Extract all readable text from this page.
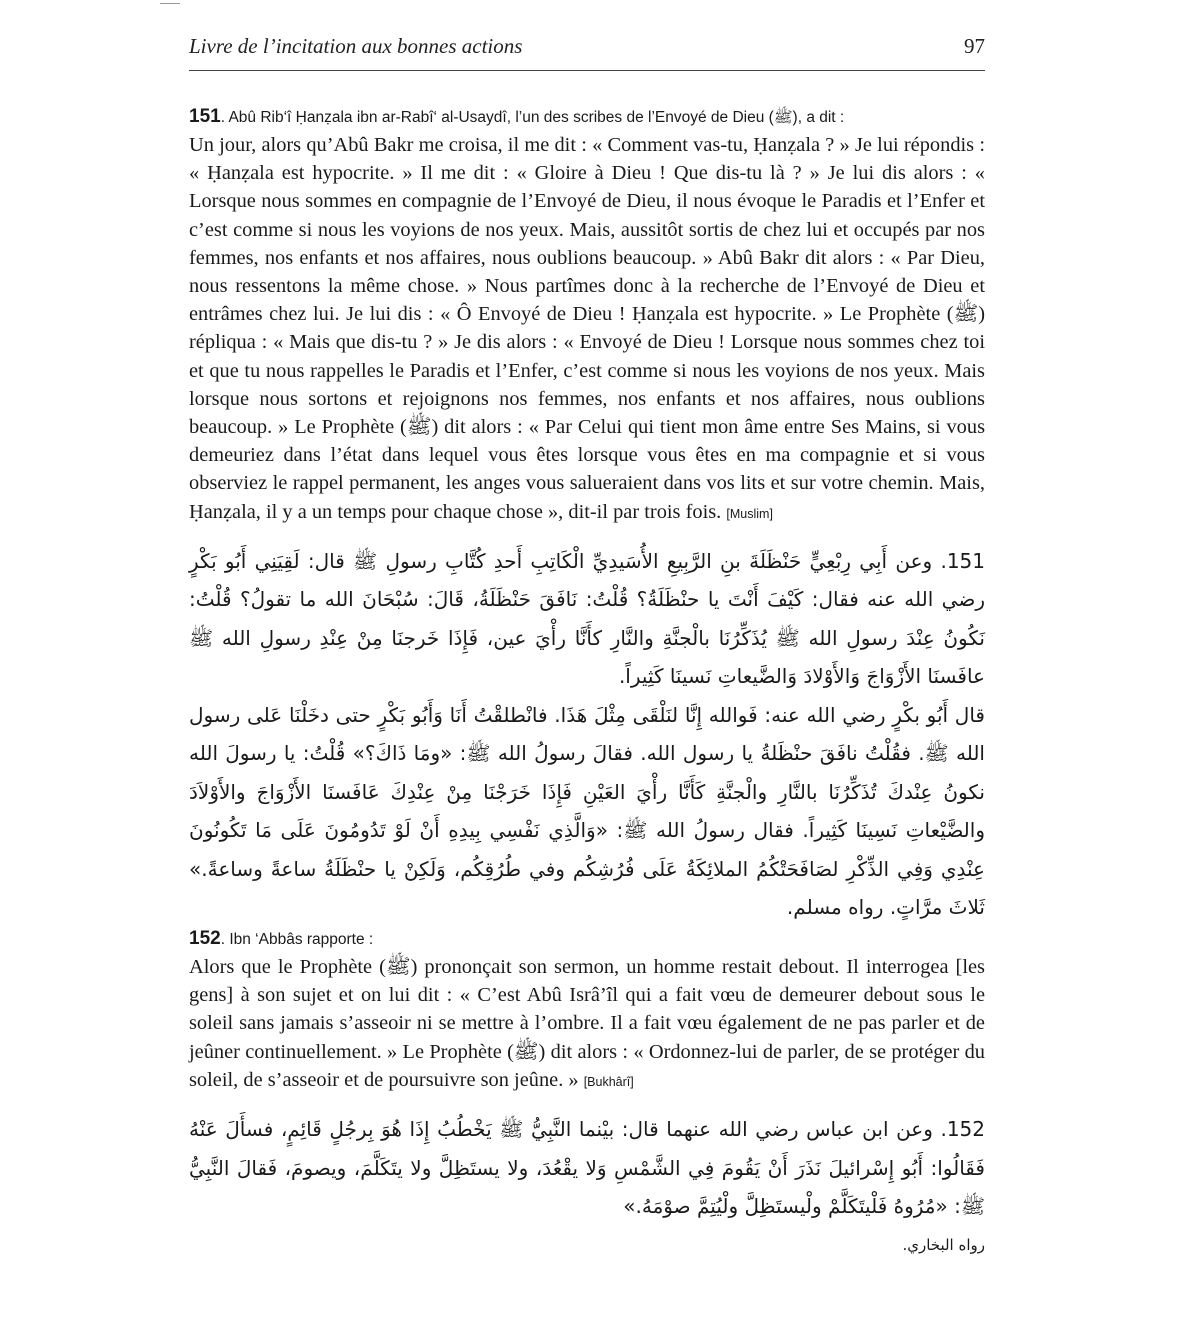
Livre de l’incitation aux bonnes actions	97
151. Abû Rib‘î Ḥanẓala ibn ar-Rabî‘ al-Usaydî, l’un des scribes de l’Envoyé de Dieu (ﷺ), a dit :

Un jour, alors qu’Abû Bakr me croisa, il me dit : « Comment vas-tu, Ḥanẓala ? » Je lui répondis : « Ḥanẓala est hypocrite. » Il me dit : « Gloire à Dieu ! Que dis-tu là ? » Je lui dis alors : « Lorsque nous sommes en compagnie de l’Envoyé de Dieu, il nous évoque le Paradis et l’Enfer et c’est comme si nous les voyions de nos yeux. Mais, aussitôt sortis de chez lui et occupés par nos femmes, nos enfants et nos affaires, nous oublions beaucoup. » Abû Bakr dit alors : « Par Dieu, nous ressentons la même chose. » Nous partîmes donc à la recherche de l’Envoyé de Dieu et entrâmes chez lui. Je lui dis : « Ô Envoyé de Dieu ! Ḥanẓala est hypocrite. » Le Prophète (ﷺ) répliqua : « Mais que dis-tu ? » Je dis alors : « Envoyé de Dieu ! Lorsque nous sommes chez toi et que tu nous rappelles le Paradis et l’Enfer, c’est comme si nous les voyions de nos yeux. Mais lorsque nous sortons et rejoignons nos femmes, nos enfants et nos affaires, nous oublions beaucoup. » Le Prophète (ﷺ) dit alors : « Par Celui qui tient mon âme entre Ses Mains, si vous demeuriez dans l’état dans lequel vous êtes lorsque vous êtes en ma compagnie et si vous observiez le rappel permanent, les anges vous salueraient dans vos lits et sur votre chemin. Mais, Ḥanẓala, il y a un temps pour chaque chose », dit-il par trois fois. [Muslim]

151. وعن أَبِي رِبْعِيٍّ حَنْظَلَةَ بنِ الرَّبِيعِ الأُسَيدِيِّ الْكَاتِبِ أَحدِ كُتَّابِ رسولِ ﷺ قال: لَقِيَنِي أَبُو بَكْرٍ رضي الله عنه فقال: كَيْفَ أَنْتَ يا حنْظَلَةُ؟ قُلْتُ: نَافَقَ حَنْظَلَةُ، قَالَ: سُبْحَانَ الله ما تقولُ؟ قُلْتُ: نَكُونُ عِنْدَ رسولِ الله ﷺ يُذَكِّرُنَا بالْجنَّةِ والنَّارِ كأَنَّا رأْيَ عين، فَإِذَا خَرجنَا مِنْ عِنْدِ رسولِ الله ﷺ عافَسنَا الأَزْوَاجَ وَالأَوْلادَ وَالضَّيعاتِ نَسينَا كَثِيراً.

قال أَبُو بكْرٍ رضي الله عنه: فَوالله إِنَّا لنَلْقَى مِثْلَ هَذَا. فانْطلقْتُ أَنَا وَأَبُو بَكْرٍ حتى دخَلْنَا عَلى رسول الله ﷺ. فقُلْتُ نافَقَ حنْظَلةُ يا رسول الله. فقالَ رسولُ الله ﷺ: «ومَا ذَاكَ؟» قُلْتُ: يا رسولَ الله نكونُ عِنْدكَ تُذَكِّرُنَا بالنَّارِ والْجنَّةِ كَأَنَّا رأْيَ العَيْنِ فَإِذَا خَرَجْنَا مِنْ عِنْدِكَ عَافَسنَا الأَزْوَاجَ والأَوْلاَدَ والضَّيْعاتِ نَسِينَا كَثِيراً. فقال رسولُ الله ﷺ: «وَالَّذِي نَفْسِي بِيدِهِ أَنْ لَوْ تَدُومُونَ عَلَى مَا تَكُونُونَ عِنْدِي وَفِي الذِّكْرِ لصَافَحَتْكُمُ الملائِكَةُ عَلَى فُرُشِكُم وفي طُرُقِكُم، وَلَكِنْ يا حنْظَلَةُ ساعةً وساعةً.» ثَلاثَ مرَّاتٍ. رواه مسلم.

152. Ibn ‘Abbâs rapporte :

Alors que le Prophète (ﷺ) prononçait son sermon, un homme restait debout. Il interrogea [les gens] à son sujet et on lui dit : « C’est Abû Isrâ’îl qui a fait vœu de demeurer debout sous le soleil sans jamais s’asseoir ni se mettre à l’ombre. Il a fait vœu également de ne pas parler et de jeûner continuellement. » Le Prophète (ﷺ) dit alors : « Ordonnez-lui de parler, de se protéger du soleil, de s’asseoir et de poursuivre son jeûne. » [Bukhârî]

152. وعن ابن عباس رضي الله عنهما قال: بيْنما النَّبِيُّ ﷺ يَخْطُبُ إِذَا هُوَ بِرجُلٍ قَائِمٍ، فسأَلَ عَنْهُ فَقَالُوا: أَبُو إِسْرائيلَ نَذَرَ أَنْ يَقُومَ فِي الشَّمْسِ وَلا يقْعُدَ، ولا يستَظِلَّ ولا يتَكَلَّمَ، ويصومَ، فَقالَ النَّبِيُّ ﷺ: «مُرُوهُ فَلْيتَكَلَّمْ ولْيستَظِلَّ ولْيُتِمَّ صوْمَهُ.»

رواه البخاري.
